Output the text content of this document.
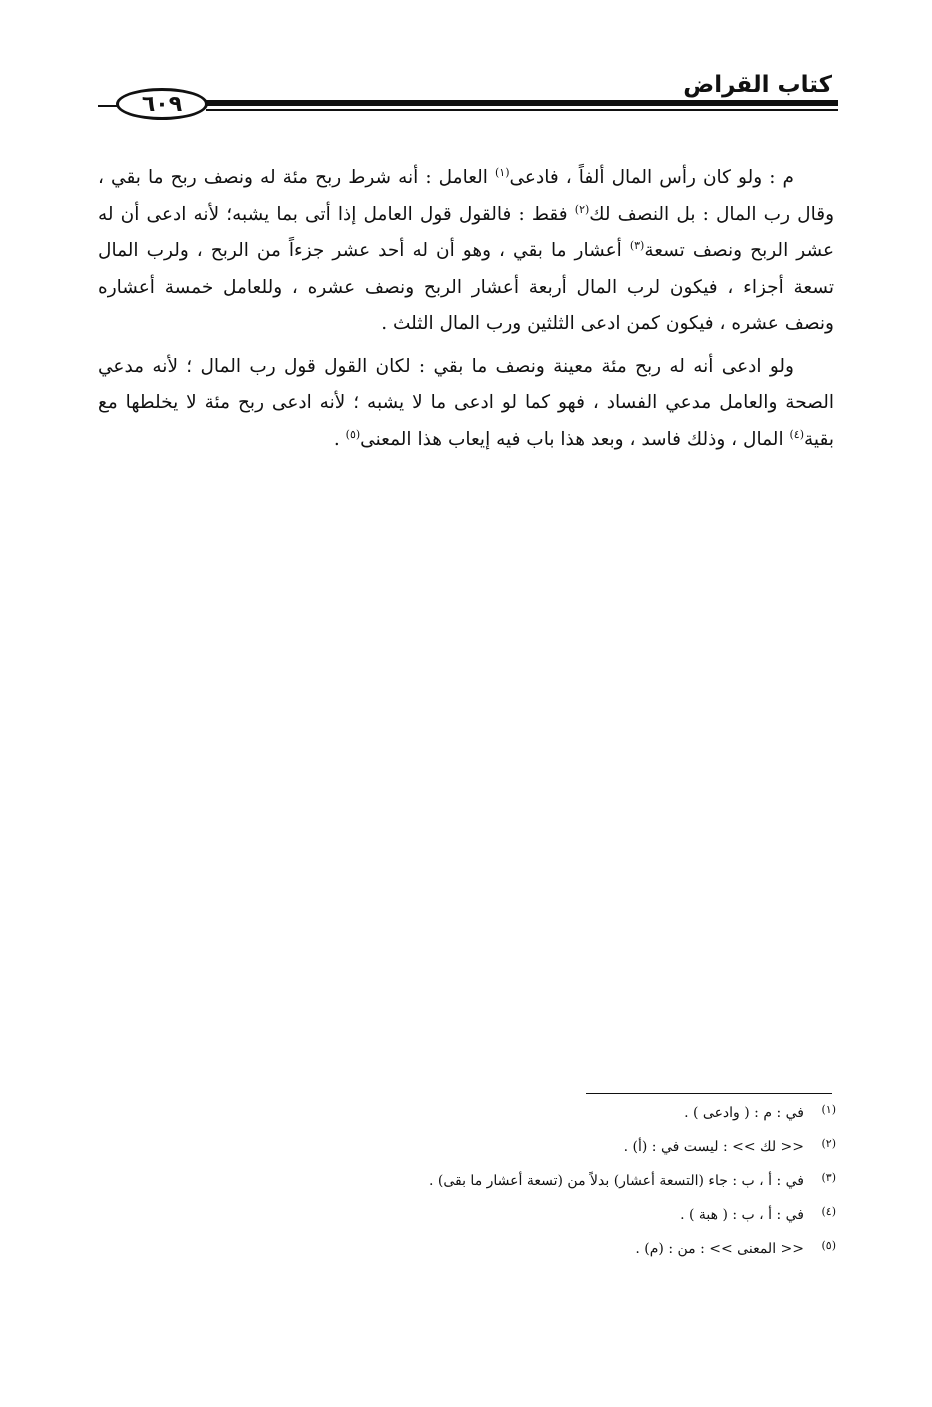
كتاب القراض
٦٠٩

م : ولو كان رأس المال ألفاً ، فادعى$^{(١)}$ العامل : أنه شرط ربح مئة له ونصف ربح ما بقي ، وقال رب المال : بل النصف لك$^{(٢)}$ فقط : فالقول قول العامل إذا أتى بما يشبه؛ لأنه ادعى أن له عشر الربح ونصف تسعة$^{(٣)}$ أعشار ما بقي ، وهو أن له أحد عشر جزءاً من الربح ، ولرب المال تسعة أجزاء ، فيكون لرب المال أربعة أعشار الربح ونصف عشره ، وللعامل خمسة أعشاره ونصف عشره ، فيكون كمن ادعى الثلثين ورب المال الثلث .

ولو ادعى أنه له ربح مئة معينة ونصف ما بقي : لكان القول قول رب المال ؛ لأنه مدعي الصحة والعامل مدعي الفساد ، فهو كما لو ادعى ما لا يشبه ؛ لأنه ادعى ربح مئة لا يخلطها مع بقية$^{(٤)}$ المال ، وذلك فاسد ، وبعد هذا باب فيه إيعاب هذا المعنى$^{(٥)}$ .

(١)
في : م : ( وادعى ) .
(٢)
<< لك >> : ليست في : (أ) .
(٣)
في : أ ، ب : جاء (التسعة أعشار) بدلاً من (تسعة أعشار ما بقى) .
(٤)
في : أ ، ب : ( هبة ) .
(٥)
<< المعنى >> : من : (م) .
